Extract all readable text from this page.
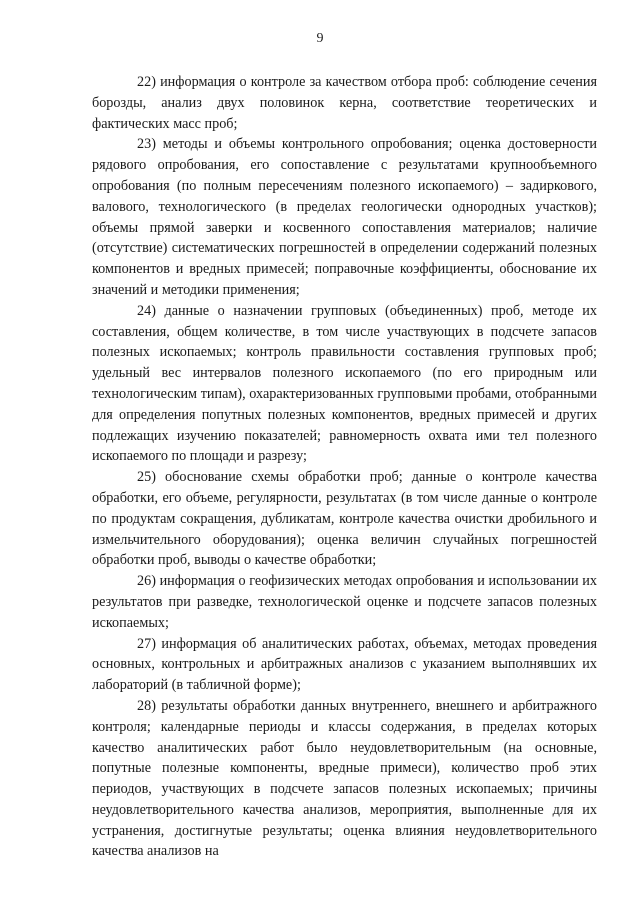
9

22) информация о контроле за качеством отбора проб: соблюдение сечения борозды, анализ двух половинок керна, соответствие теоретических и фактических масс проб;

23) методы и объемы контрольного опробования; оценка достоверности рядового опробования, его сопоставление с результатами крупнообъемного опробования (по полным пересечениям полезного ископаемого) – задиркового, валового, технологического (в пределах геологически однородных участков); объемы прямой заверки и косвенного сопоставления материалов; наличие (отсутствие) систематических погрешностей в определении содержаний полезных компонентов и вредных примесей; поправочные коэффициенты, обоснование их значений и методики применения;

24) данные о назначении групповых (объединенных) проб, методе их составления, общем количестве, в том числе участвующих в подсчете запасов полезных ископаемых; контроль правильности составления групповых проб; удельный вес интервалов полезного ископаемого (по его природным или технологическим типам), охарактеризованных групповыми пробами, отобранными для определения попутных полезных компонентов, вредных примесей и других подлежащих изучению показателей; равномерность охвата ими тел полезного ископаемого по площади и разрезу;

25) обоснование схемы обработки проб; данные о контроле качества обработки, его объеме, регулярности, результатах (в том числе данные о контроле по продуктам сокращения, дубликатам, контроле качества очистки дробильного и измельчительного оборудования); оценка величин случайных погрешностей обработки проб, выводы о качестве обработки;

26) информация о геофизических методах опробования и использовании их результатов при разведке, технологической оценке и подсчете запасов полезных ископаемых;

27) информация об аналитических работах, объемах, методах проведения основных, контрольных и арбитражных анализов с указанием выполнявших их лабораторий (в табличной форме);

28) результаты обработки данных внутреннего, внешнего и арбитражного контроля; календарные периоды и классы содержания, в пределах которых качество аналитических работ было неудовлетворительным (на основные, попутные полезные компоненты, вредные примеси), количество проб этих периодов, участвующих в подсчете запасов полезных ископаемых; причины неудовлетворительного качества анализов, мероприятия, выполненные для их устранения, достигнутые результаты; оценка влияния неудовлетворительного качества анализов на
